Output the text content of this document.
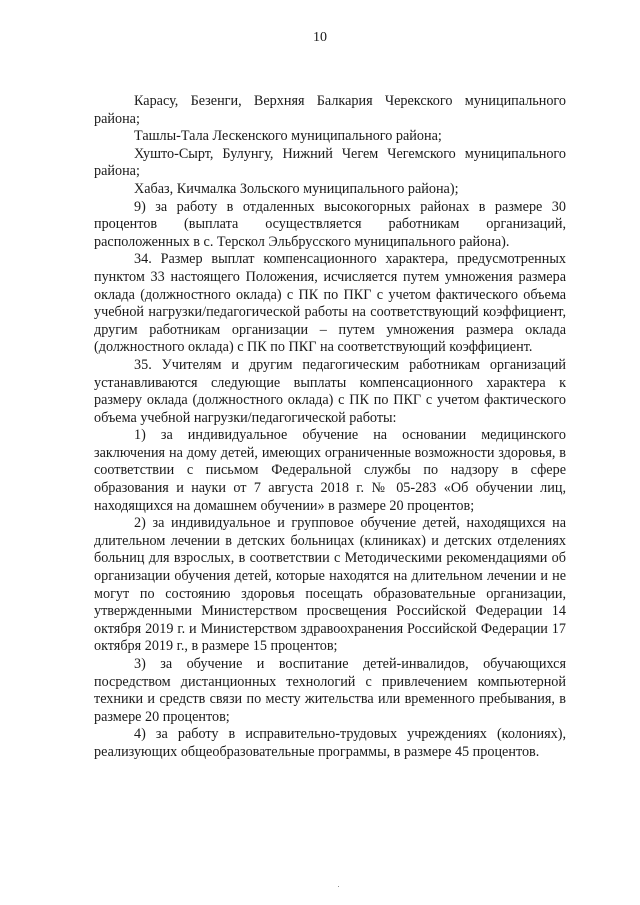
10

Карасу, Безенги, Верхняя Балкария Черекского муниципального района;

Ташлы-Тала Лескенского муниципального района;

Хушто-Сырт, Булунгу, Нижний Чегем Чегемского муниципального района;

Хабаз, Кичмалка Зольского муниципального района);

9) за работу в отдаленных высокогорных районах в размере 30 процентов (выплата осуществляется работникам организаций, расположенных в с. Терскол Эльбрусского муниципального района).

34. Размер выплат компенсационного характера, предусмотренных пунктом 33 настоящего Положения, исчисляется путем умножения размера оклада (должностного оклада) с ПК по ПКГ с учетом фактического объема учебной нагрузки/педагогической работы на соответствующий коэффициент, другим работникам организации – путем умножения размера оклада (должностного оклада) с ПК по ПКГ на соответствующий коэффициент.

35. Учителям и другим педагогическим работникам организаций устанавливаются следующие выплаты компенсационного характера к размеру оклада (должностного оклада) с ПК по ПКГ с учетом фактического объема учебной нагрузки/педагогической работы:

1) за индивидуальное обучение на основании медицинского заключения на дому детей, имеющих ограниченные возможности здоровья, в соответствии с письмом Федеральной службы по надзору в сфере образования и науки от 7 августа 2018 г. № 05-283 «Об обучении лиц, находящихся на домашнем обучении» в размере 20 процентов;

2) за индивидуальное и групповое обучение детей, находящихся на длительном лечении в детских больницах (клиниках) и детских отделениях больниц для взрослых, в соответствии с Методическими рекомендациями об организации обучения детей, которые находятся на длительном лечении и не могут по состоянию здоровья посещать образовательные организации, утвержденными Министерством просвещения Российской Федерации 14 октября 2019 г. и Министерством здравоохранения Российской Федерации 17 октября 2019 г., в размере 15 процентов;

3) за обучение и воспитание детей-инвалидов, обучающихся посредством дистанционных технологий с привлечением компьютерной техники и средств связи по месту жительства или временного пребывания, в размере 20 процентов;

4) за работу в исправительно-трудовых учреждениях (колониях), реализующих общеобразовательные программы, в размере 45 процентов.
